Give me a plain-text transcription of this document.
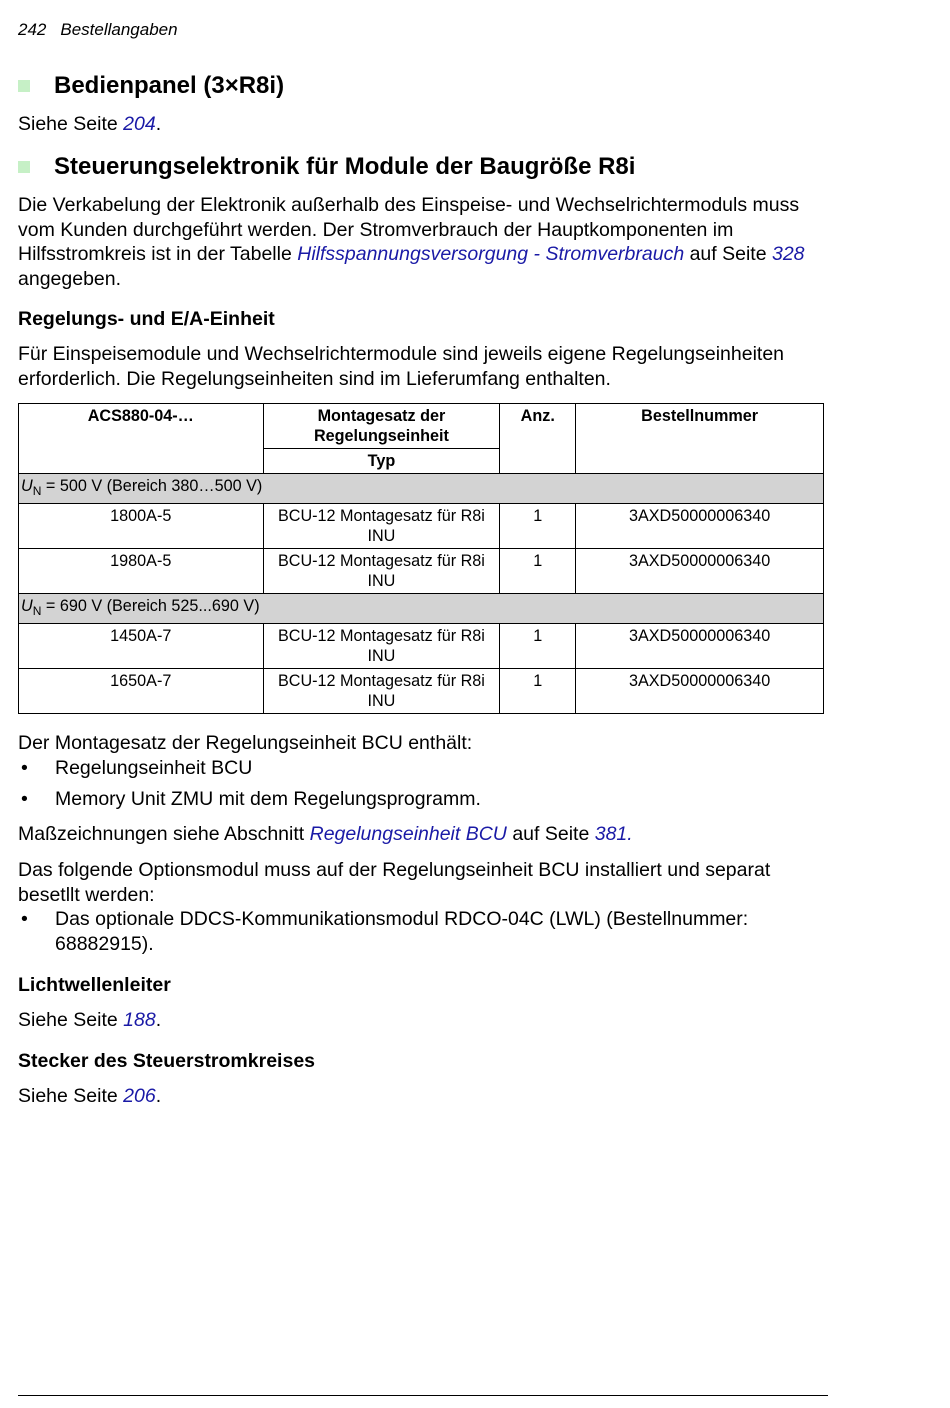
242 Bestellangaben
Bedienpanel (3×R8i)

Siehe Seite 204.

Steuerungselektronik für Module der Baugröße R8i

Die Verkabelung der Elektronik außerhalb des Einspeise- und Wechselrichtermoduls muss vom Kunden durchgeführt werden. Der Stromverbrauch der Hauptkomponenten im Hilfsstromkreis ist in der Tabelle Hilfsspannungsversorgung - Stromverbrauch auf Seite 328 angegeben.

Regelungs- und E/A-Einheit

Für Einspeisemodule und Wechselrichtermodule sind jeweils eigene Regelungseinheiten erforderlich. Die Regelungseinheiten sind im Lieferumfang enthalten.

ACS880-04-…	Montagesatz der Regelungseinheit	Anz.	Bestellnummer
	Typ		
$U_N = 500$ V (Bereich 380…500 V)			
1800A-5	BCU-12 Montagesatz für R8i INU	1	3AXD50000006340
1980A-5	BCU-12 Montagesatz für R8i INU	1	3AXD50000006340
$U_N = 690$ V (Bereich 525...690 V)			
1450A-7	BCU-12 Montagesatz für R8i INU	1	3AXD50000006340
1650A-7	BCU-12 Montagesatz für R8i INU	1	3AXD50000006340

Der Montagesatz der Regelungseinheit BCU enthält:

• Regelungseinheit BCU
• Memory Unit ZMU mit dem Regelungsprogramm.

Maßzeichnungen siehe Abschnitt Regelungseinheit BCU auf Seite 381.

Das folgende Optionsmodul muss auf der Regelungseinheit BCU installiert und separat besetllt werden:

• Das optionale DDCS-Kommunikationsmodul RDCO-04C (LWL) (Bestellnummer: 68882915).
Lichtwellenleiter

Siehe Seite 188.

Stecker des Steuerstromkreises

Siehe Seite 206.
